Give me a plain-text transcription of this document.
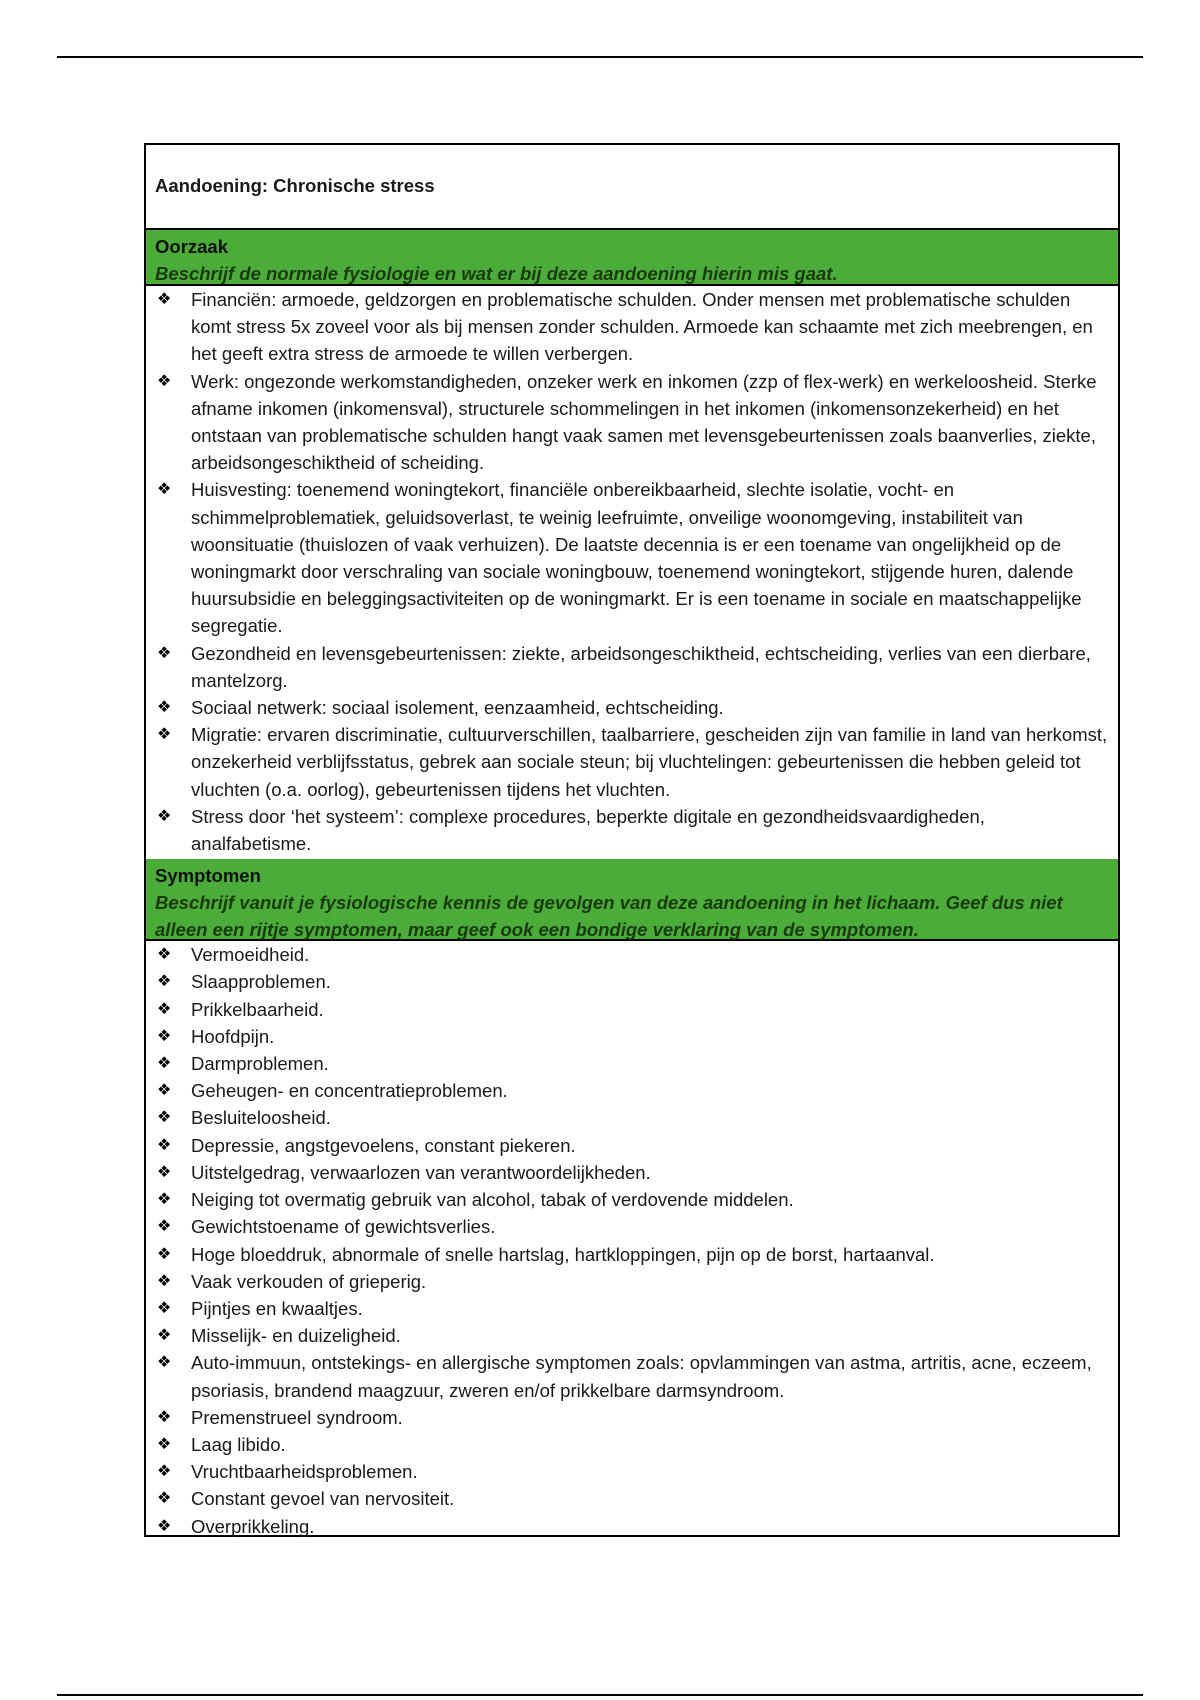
Aandoening: Chronische stress
Oorzaak
Beschrijf de normale fysiologie en wat er bij deze aandoening hierin mis gaat.
❖ Financiën: armoede, geldzorgen en problematische schulden. Onder mensen met problematische schulden komt stress 5x zoveel voor als bij mensen zonder schulden. Armoede kan schaamte met zich meebrengen, en het geeft extra stress de armoede te willen verbergen.
❖ Werk: ongezonde werkomstandigheden, onzeker werk en inkomen (zzp of flex-werk) en werkeloosheid. Sterke afname inkomen (inkomensval), structurele schommelingen in het inkomen (inkomensonzekerheid) en het ontstaan van problematische schulden hangt vaak samen met levensgebeurtenissen zoals baanverlies, ziekte, arbeidsongeschiktheid of scheiding.
❖ Huisvesting: toenemend woningtekort, financiële onbereikbaarheid, slechte isolatie, vocht- en schimmelproblematiek, geluidsoverlast, te weinig leefruimte, onveilige woonomgeving, instabiliteit van woonsituatie (thuislozen of vaak verhuizen). De laatste decennia is er een toename van ongelijkheid op de woningmarkt door verschraling van sociale woningbouw, toenemend woningtekort, stijgende huren, dalende huursubsidie en beleggingsactiviteiten op de woningmarkt. Er is een toename in sociale en maatschappelijke segregatie.
❖ Gezondheid en levensgebeurtenissen: ziekte, arbeidsongeschiktheid, echtscheiding, verlies van een dierbare, mantelzorg.
❖ Sociaal netwerk: sociaal isolement, eenzaamheid, echtscheiding.
❖ Migratie: ervaren discriminatie, cultuurverschillen, taalbarriere, gescheiden zijn van familie in land van herkomst, onzekerheid verblijfsstatus, gebrek aan sociale steun; bij vluchtelingen: gebeurtenissen die hebben geleid tot vluchten (o.a. oorlog), gebeurtenissen tijdens het vluchten.
❖ Stress door ‘het systeem’: complexe procedures, beperkte digitale en gezondheidsvaardigheden, analfabetisme.
Symptomen
Beschrijf vanuit je fysiologische kennis de gevolgen van deze aandoening in het lichaam. Geef dus niet alleen een rijtje symptomen, maar geef ook een bondige verklaring van de symptomen.
❖ Vermoeidheid.
❖ Slaapproblemen.
❖ Prikkelbaarheid.
❖ Hoofdpijn.
❖ Darmproblemen.
❖ Geheugen- en concentratieproblemen.
❖ Besluiteloosheid.
❖ Depressie, angstgevoelens, constant piekeren.
❖ Uitstelgedrag, verwaarlozen van verantwoordelijkheden.
❖ Neiging tot overmatig gebruik van alcohol, tabak of verdovende middelen.
❖ Gewichtstoename of gewichtsverlies.
❖ Hoge bloeddruk, abnormale of snelle hartslag, hartkloppingen, pijn op de borst, hartaanval.
❖ Vaak verkouden of grieperig.
❖ Pijntjes en kwaaltjes.
❖ Misselijk- en duizeligheid.
❖ Auto-immuun, ontstekings- en allergische symptomen zoals: opvlammingen van astma, artritis, acne, eczeem, psoriasis, brandend maagzuur, zweren en/of prikkelbare darmsyndroom.
❖ Premenstrueel syndroom.
❖ Laag libido.
❖ Vruchtbaarheidsproblemen.
❖ Constant gevoel van nervositeit.
❖ Overprikkeling.
